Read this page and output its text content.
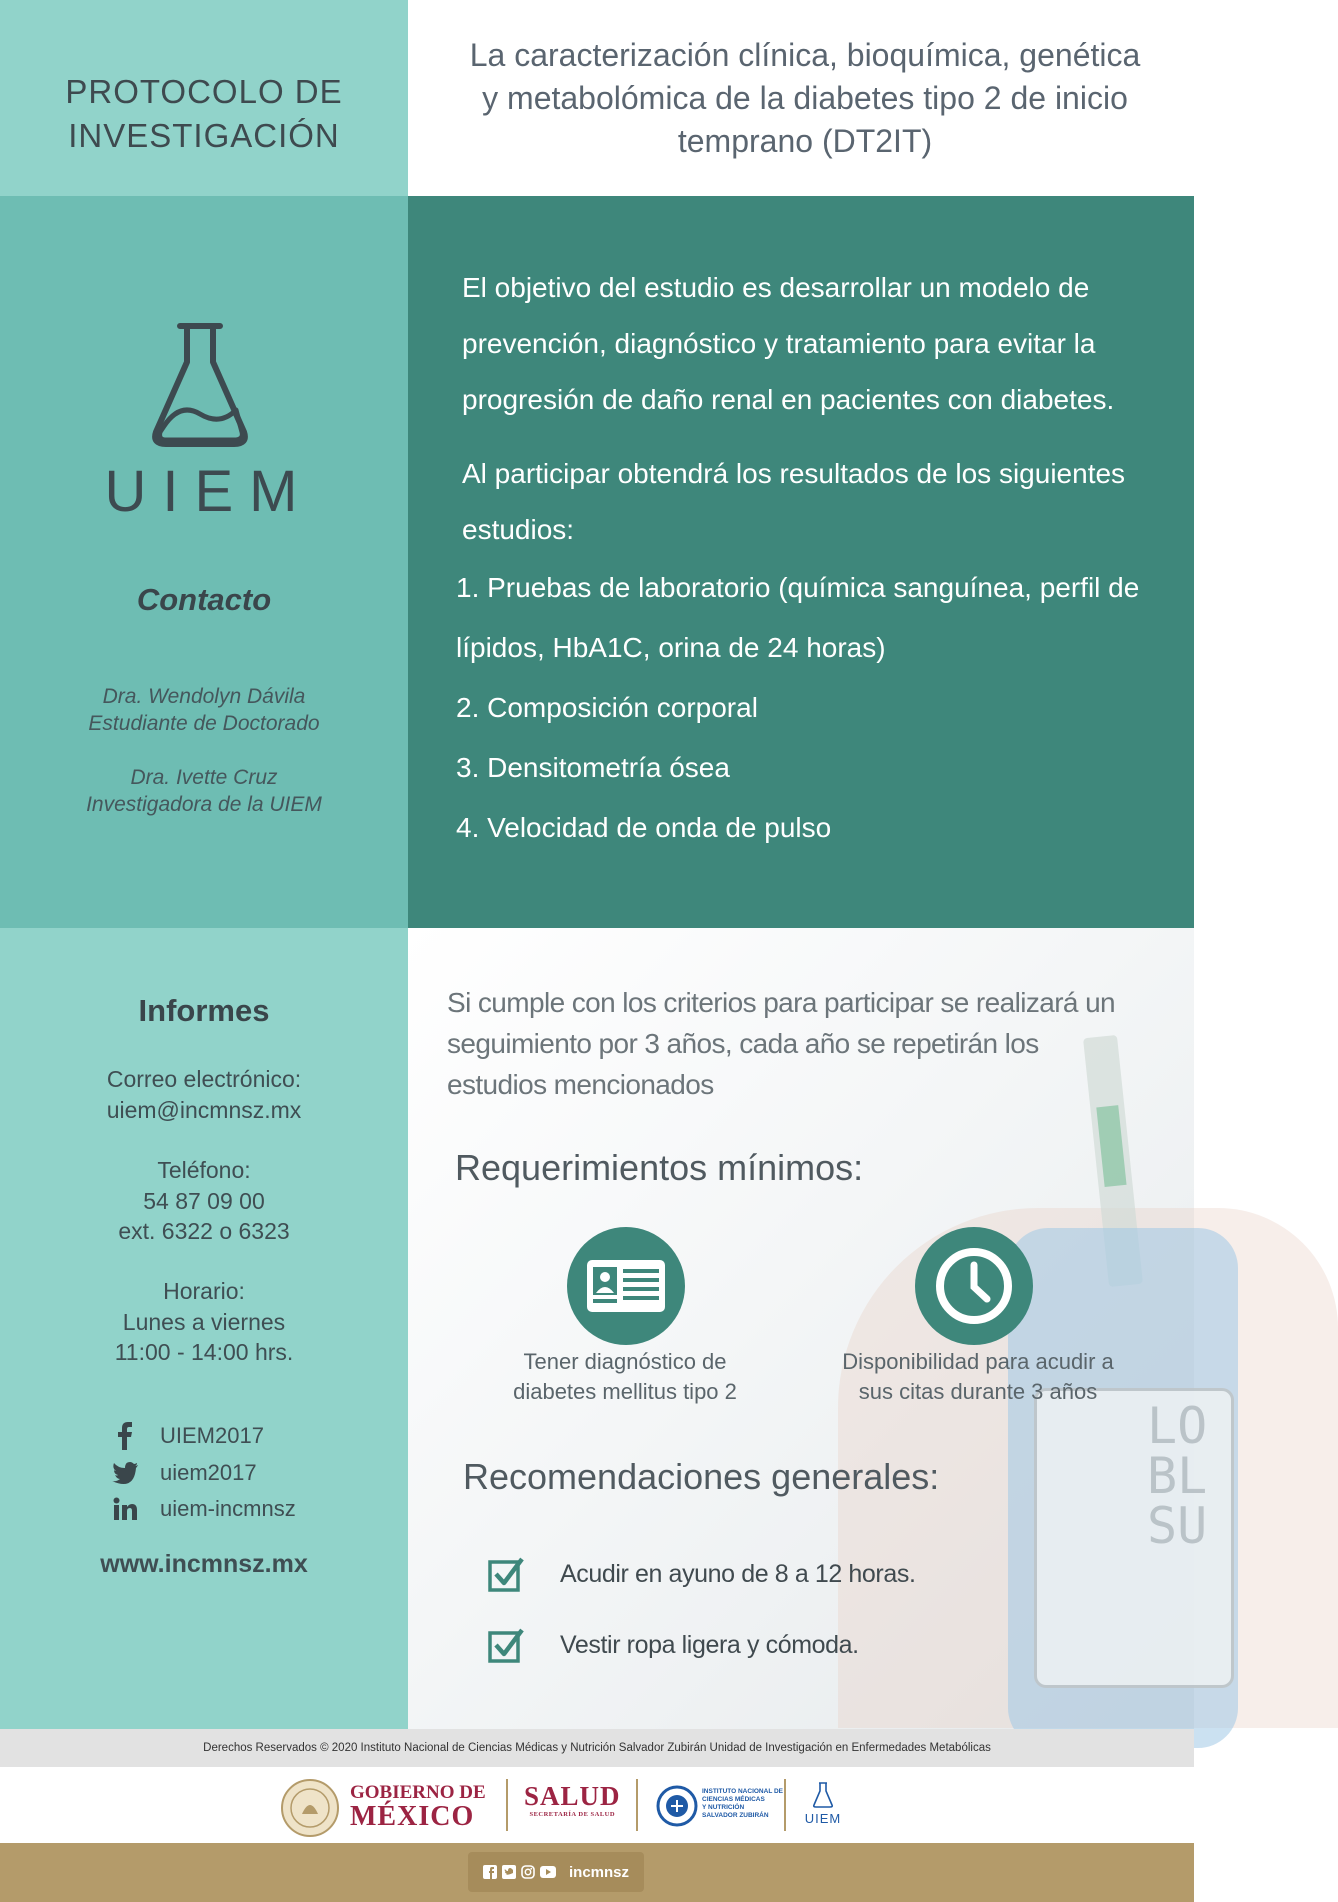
LO
BL
SU
PROTOCOLO DE
INVESTIGACIÓN
La caracterización clínica, bioquímica, genética
y metabolómica de la diabetes tipo 2 de inicio
temprano (DT2IT)
UIEM
Contacto
Dra. Wendolyn Dávila
Estudiante de Doctorado
Dra. Ivette Cruz
Investigadora de la UIEM
El objetivo del estudio es desarrollar un modelo de
prevención, diagnóstico y tratamiento para evitar la
progresión de daño renal en pacientes con diabetes.
Al participar obtendrá los resultados de los siguientes
estudios:
1. Pruebas de laboratorio (química sanguínea, perfil de
lípidos, HbA1C, orina de 24 horas)
2. Composición corporal
3. Densitometría ósea
4. Velocidad de onda de pulso
Informes
Correo electrónico:
uiem@incmnsz.mx
Teléfono:
54 87 09 00
ext. 6322 o 6323
Horario:
Lunes a viernes
11:00 - 14:00 hrs.
UIEM2017
uiem2017
uiem-incmnsz
www.incmnsz.mx
Si cumple con los criterios para participar se realizará un
seguimiento por 3 años, cada año se repetirán los
estudios mencionados
Requerimientos mínimos:
Tener diagnóstico de
diabetes mellitus tipo 2
Disponibilidad para acudir a
sus citas durante 3 años
Recomendaciones generales:
Acudir en ayuno de 8 a 12 horas.
Vestir ropa ligera y cómoda.
Derechos Reservados © 2020 Instituto Nacional de Ciencias Médicas y Nutrición Salvador Zubirán Unidad de Investigación en Enfermedades Metabólicas
GOBIERNO DE
MÉXICO
SALUD
SECRETARÍA DE SALUD
INSTITUTO NACIONAL DE
CIENCIAS MÉDICAS
Y NUTRICIÓN
SALVADOR ZUBIRÁN	UIEM
incmnsz
